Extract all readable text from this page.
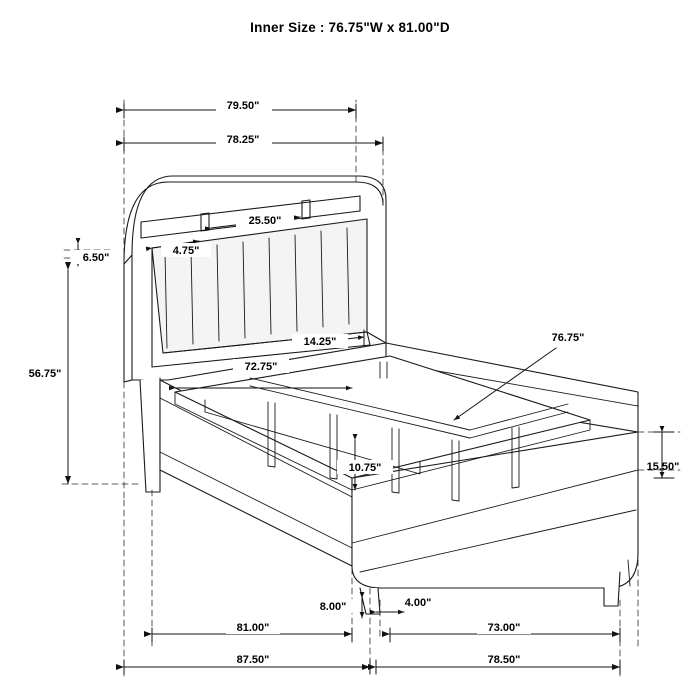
Inner Size : 76.75"W x 81.00"D
79.50"
78.25"
25.50"
4.75"
6.50"
56.75"
14.25"
72.75"
76.75"
15.50"
10.75"
8.00"	4.00"
81.00"	73.00"
87.50"	78.50"
